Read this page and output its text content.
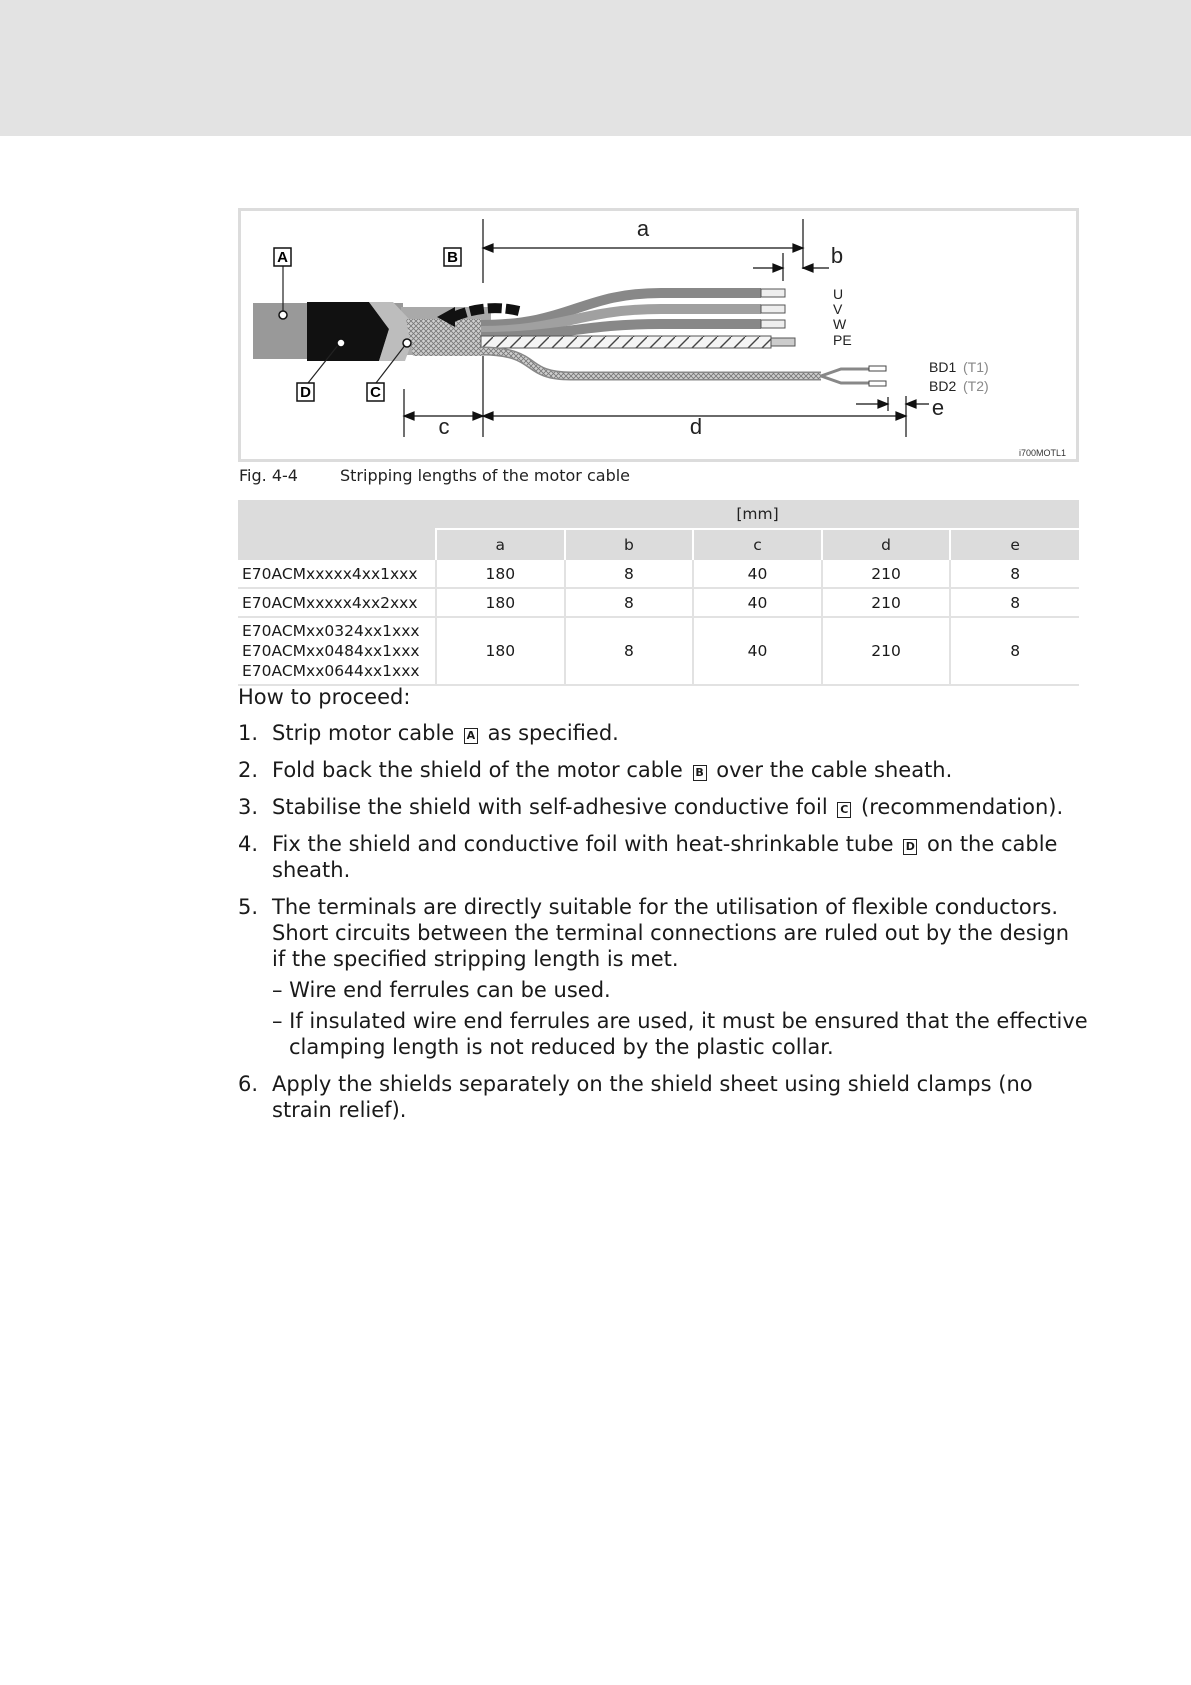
A	B
C
D
a
b
c	d
e
U
V
W
PE
BD1 (T1)
BD2 (T2)
i700MOTL1
Fig. 4-4	Stripping lengths of the motor cable
	[mm]				
	a	b	c	d	e
E70ACMxxxxx4xx1xxx	180	8	40	210	8
E70ACMxxxxx4xx2xxx	180	8	40	210	8

E70ACMxx0324xx1xxx
E70ACMxx0484xx1xxx
E70ACMxx0644xx1xxx	180	8	40	210	8
How to proceed:
1. Strip motor cable A as specified.
2. Fold back the shield of the motor cable B over the cable sheath.
3. Stabilise the shield with self-adhesive conductive foil C (recommendation).
4. Fix the shield and conductive foil with heat-shrinkable tube D on the cable sheath.
5. The terminals are directly suitable for the utilisation of flexible conductors. Short circuits between the terminal connections are ruled out by the design if the specified stripping length is met.
– Wire end ferrules can be used.
– If insulated wire end ferrules are used, it must be ensured that the effective clamping length is not reduced by the plastic collar.
6. Apply the shields separately on the shield sheet using shield clamps (no strain relief).
